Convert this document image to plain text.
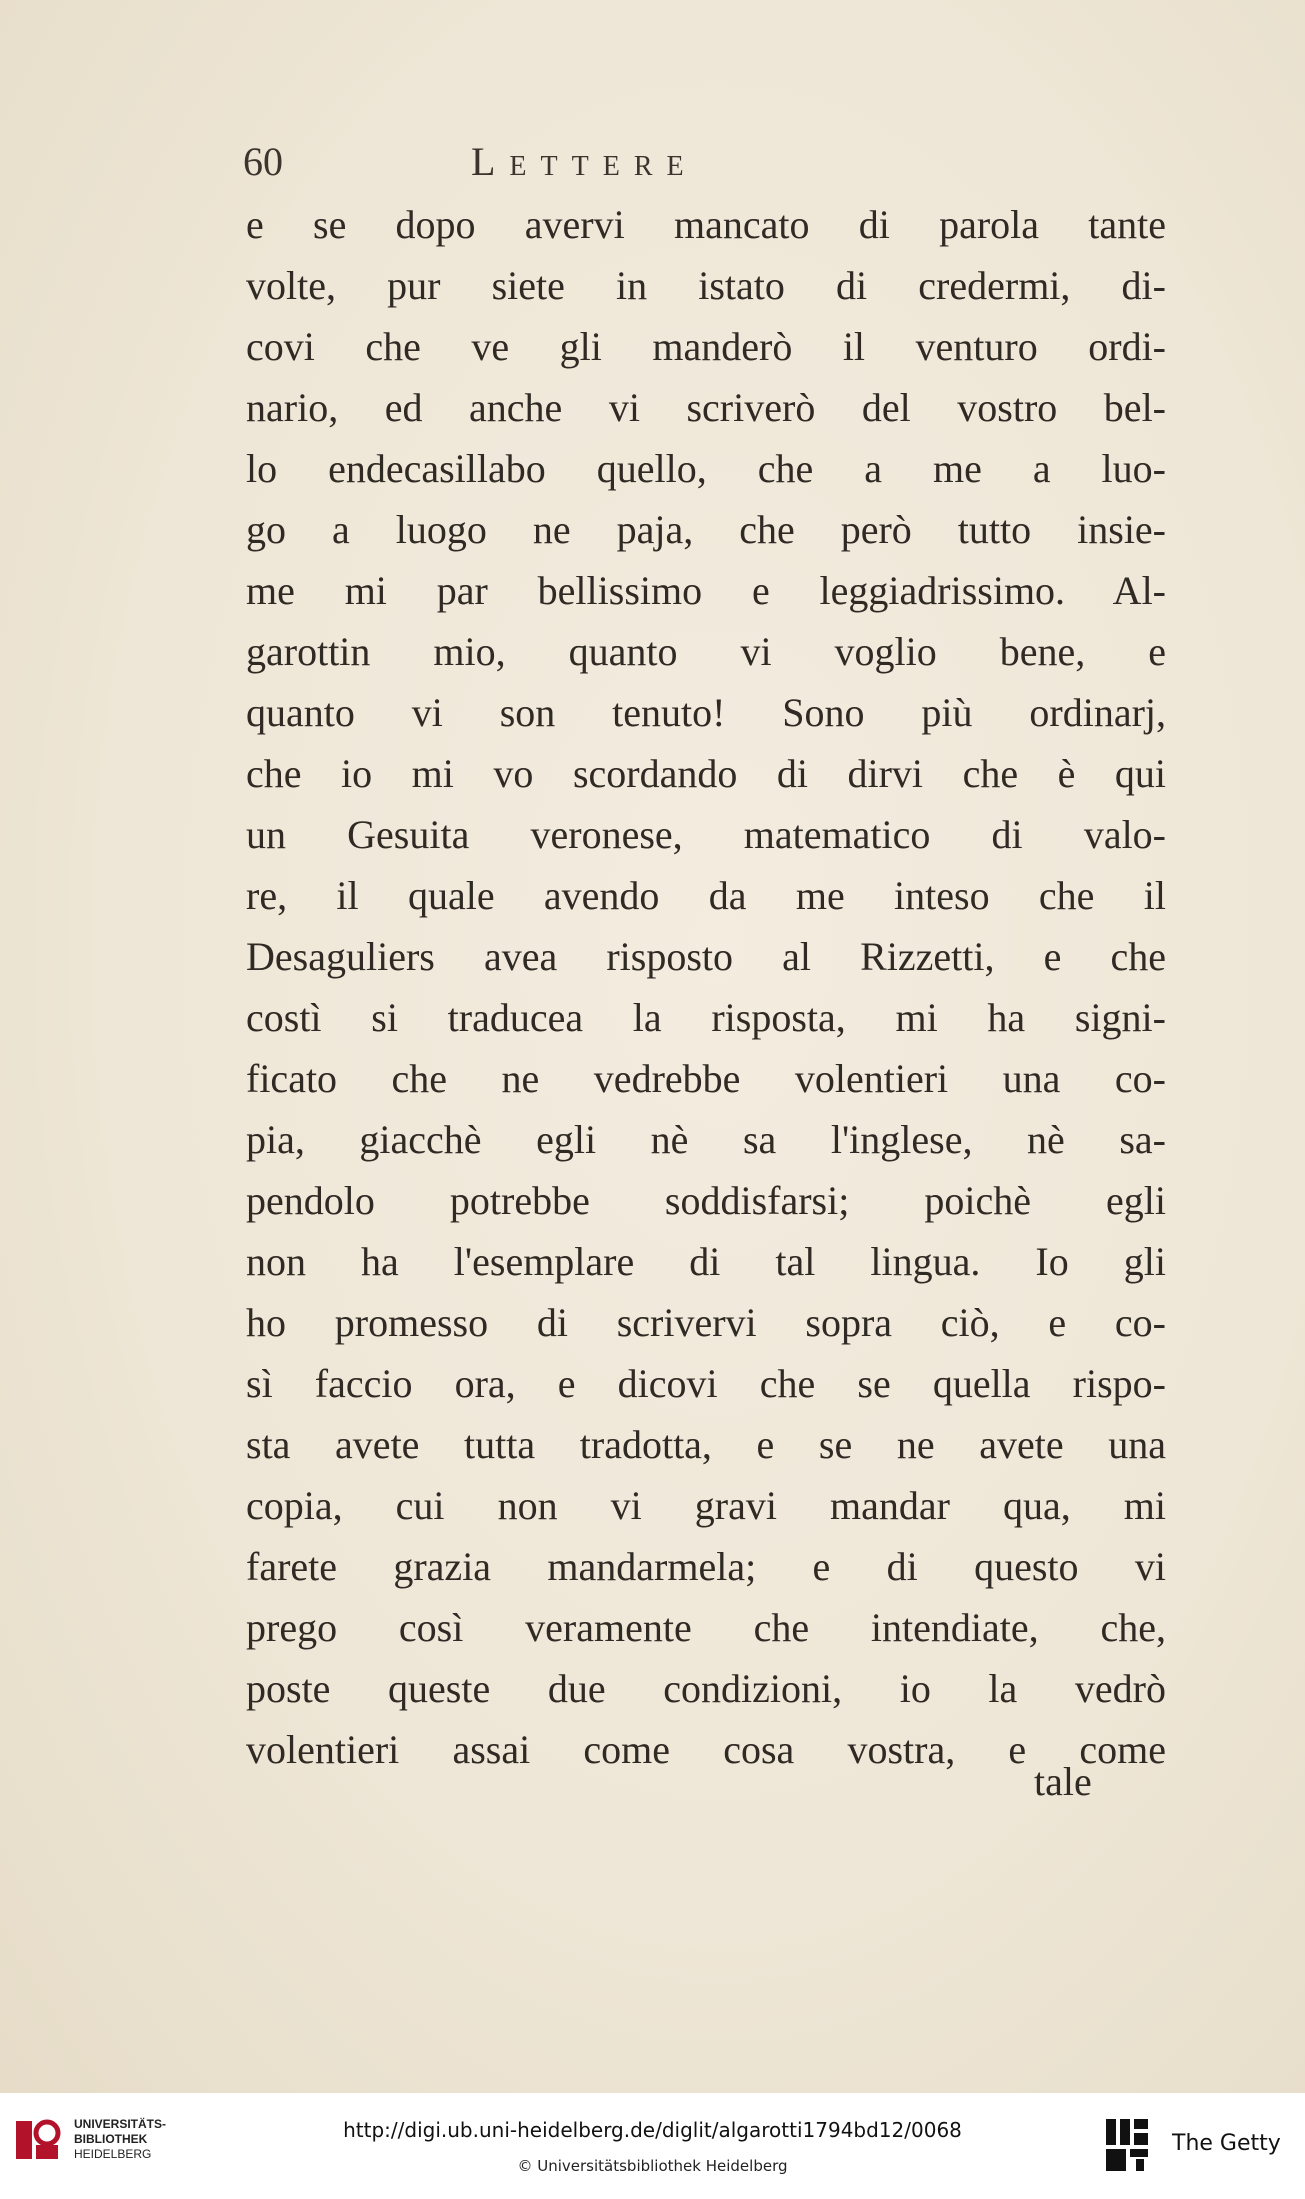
60	Lettere
e se dopo avervi mancato di parola tante
volte, pur siete in istato di credermi, di-
covi che ve gli manderò il venturo ordi-
nario, ed anche vi scriverò del vostro bel-
lo endecasillabo quello, che a me a luo-
go a luogo ne paja, che però tutto insie-
me mi par bellissimo e leggiadrissimo. Al-
garottin mio, quanto vi voglio bene, e
quanto vi son tenuto! Sono più ordinarj,
che io mi vo scordando di dirvi che è qui
un Gesuita veronese, matematico di valo-
re, il quale avendo da me inteso che il
Desaguliers avea risposto al Rizzetti, e che
costì si traducea la risposta, mi ha signi-
ficato che ne vedrebbe volentieri una co-
pia, giacchè egli nè sa l'inglese, nè sa-
pendolo potrebbe soddisfarsi; poichè egli
non ha l'esemplare di tal lingua. Io gli
ho promesso di scrivervi sopra ciò, e co-
sì faccio ora, e dicovi che se quella rispo-
sta avete tutta tradotta, e se ne avete una
copia, cui non vi gravi mandar qua, mi
farete grazia mandarmela; e di questo vi
prego così veramente che intendiate, che,
poste queste due condizioni, io la vedrò
volentieri assai come cosa vostra, e come
tale
UNIVERSITÄTS-
BIBLIOTHEK
HEIDELBERG
http://digi.ub.uni-heidelberg.de/diglit/algarotti1794bd12/0068
© Universitätsbibliothek Heidelberg
The Getty
